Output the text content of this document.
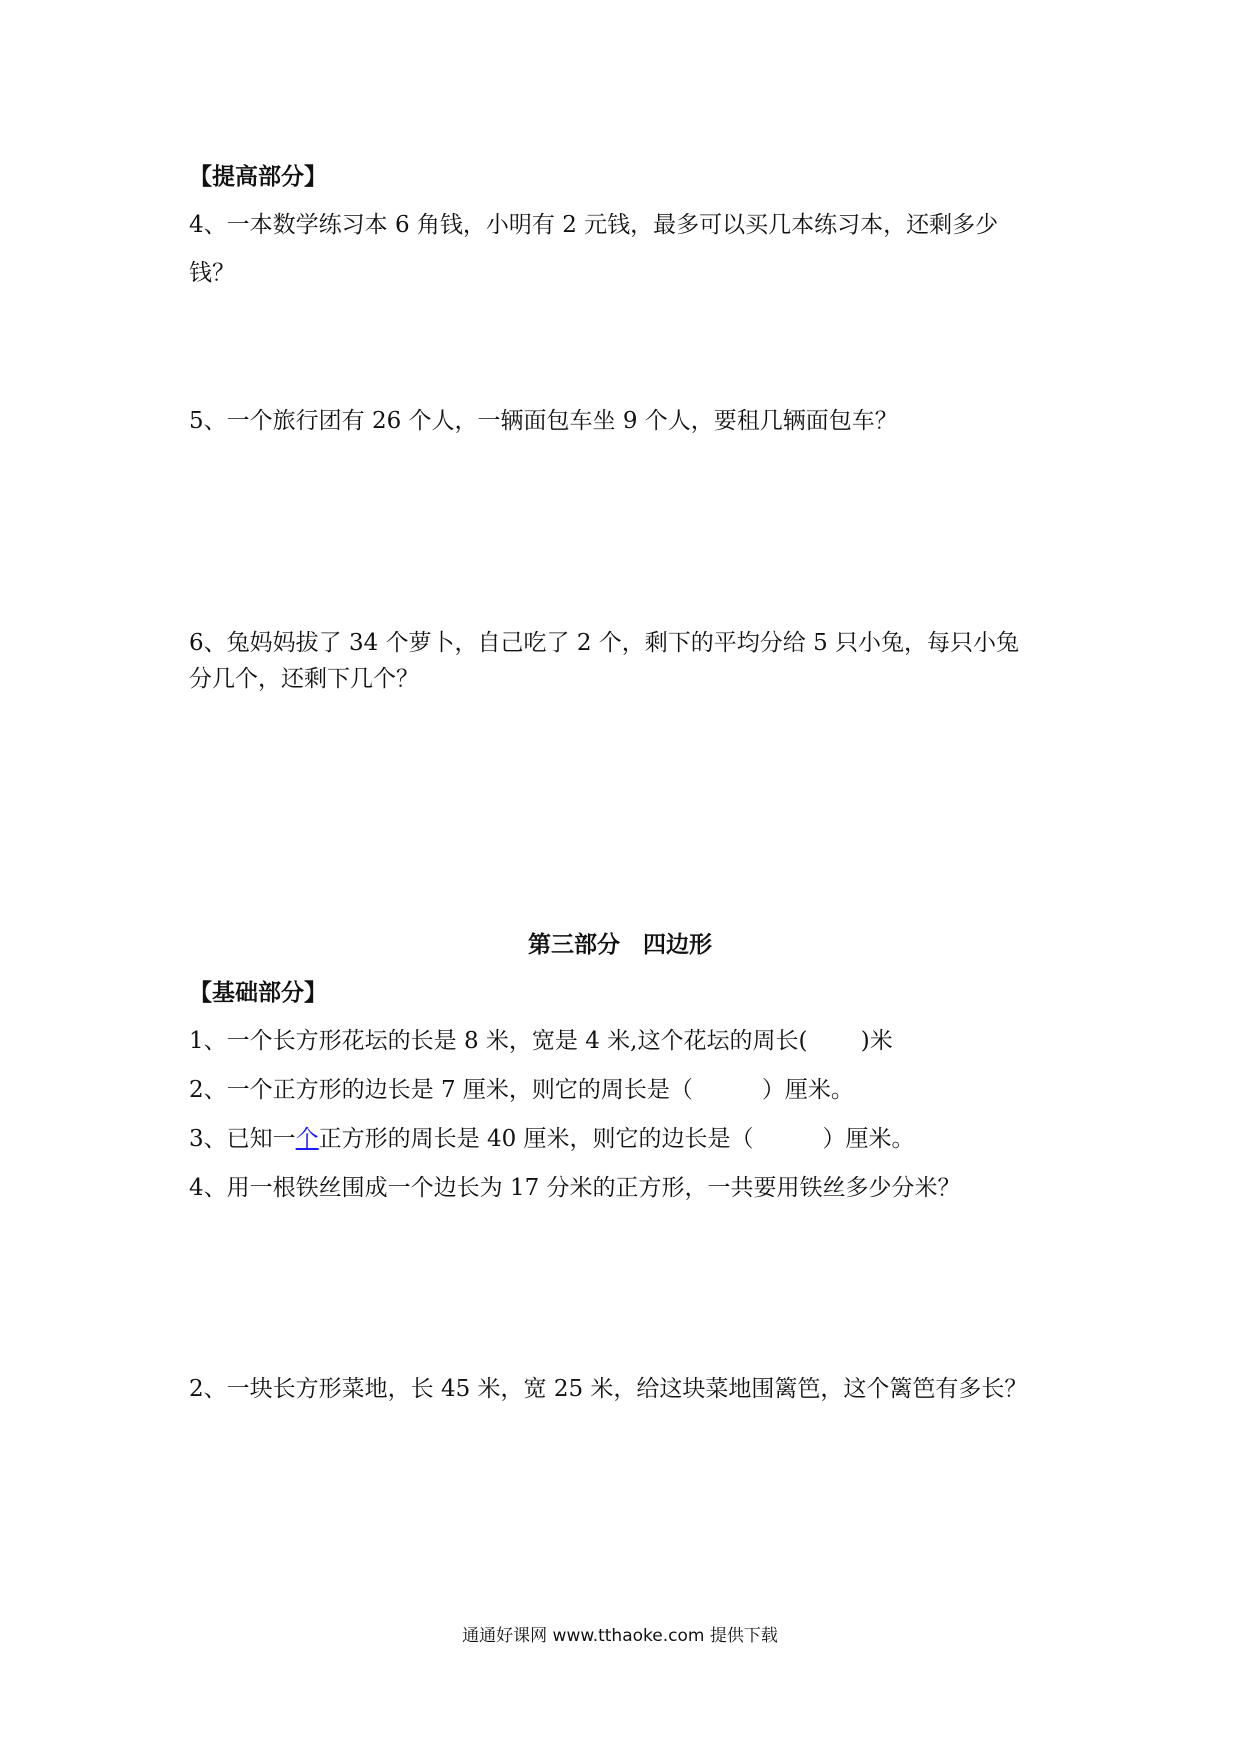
【提高部分】
4、一本数学练习本 6 角钱，小明有 2 元钱，最多可以买几本练习本，还剩多少
钱？
5、一个旅行团有 26 个人，一辆面包车坐 9 个人，要租几辆面包车？
6、兔妈妈拔了 34 个萝卜，自己吃了 2 个，剩下的平均分给 5 只小兔，每只小兔
分几个，还剩下几个？
第三部分　四边形
【基础部分】
1、一个长方形花坛的长是 8 米，宽是 4 米,这个花坛的周长(　　 )米
2、一个正方形的边长是 7 厘米，则它的周长是（　　　）厘米。
3、已知一个正方形的周长是 40 厘米，则它的边长是（　　　）厘米。
4、用一根铁丝围成一个边长为 17 分米的正方形，一共要用铁丝多少分米？
2、一块长方形菜地，长 45 米，宽 25 米，给这块菜地围篱笆，这个篱笆有多长？
通通好课网 www.tthaoke.com 提供下载
